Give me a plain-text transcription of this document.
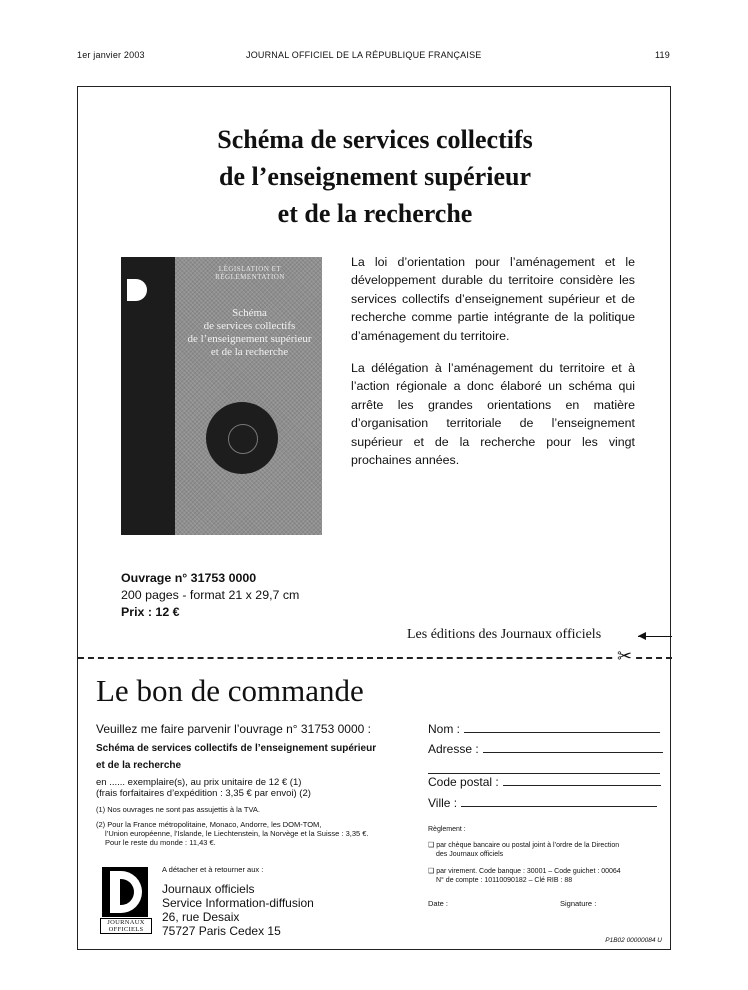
1er janvier 2003	JOURNAL OFFICIEL DE LA RÉPUBLIQUE FRANÇAISE	119
Schéma de services collectifs
de l’enseignement supérieur
et de la recherche
LÉGISLATION ET RÉGLEMENTATION
Schéma
de services collectifs
de l’enseignement supérieur
et de la recherche

La loi d’orientation pour l’aménagement et le développement durable du territoire considère les services collectifs d’enseignement supérieur et de recherche comme partie intégrante de la politique d’aménagement du territoire.

La délégation à l’aménagement du territoire et à l’action régionale a donc élaboré un schéma qui arrête les grandes orientations en matière d’organisation territoriale de l’enseignement supérieur et de la recherche pour les vingt prochaines années.

Ouvrage n° 31753 0000
200 pages - format 21 x 29,7 cm
Prix : 12 €
Les éditions des Journaux officiels
✂
Le bon de commande
Veuillez me faire parvenir l’ouvrage n° 31753 0000 :
Schéma de services collectifs de l’enseignement supérieur
et de la recherche
en ...... exemplaire(s), au prix unitaire de 12 € (1)
(frais forfaitaires d’expédition : 3,35 € par envoi) (2)
(1) Nos ouvrages ne sont pas assujettis à la TVA.
(2) Pour la France métropolitaine, Monaco, Andorre, les DOM-TOM,
l’Union européenne, l’Islande, le Liechtenstein, la Norvège et la Suisse : 3,35 €.
Pour le reste du monde : 11,43 €.
JOURNAUX
OFFICIELS
A détacher et à retourner aux :
Journaux officiels
Service Information-diffusion
26, rue Desaix
75727 Paris Cedex 15
Nom :
Adresse :
Code postal :
Ville :
Règlement :
❑ par chèque bancaire ou postal joint à l’ordre de la Direction
des Journaux officiels
❑ par virement. Code banque : 30001 – Code guichet : 00064
N° de compte : 10110090182 – Clé RIB : 88
Date :	Signature :
P1B02 00000084 U
